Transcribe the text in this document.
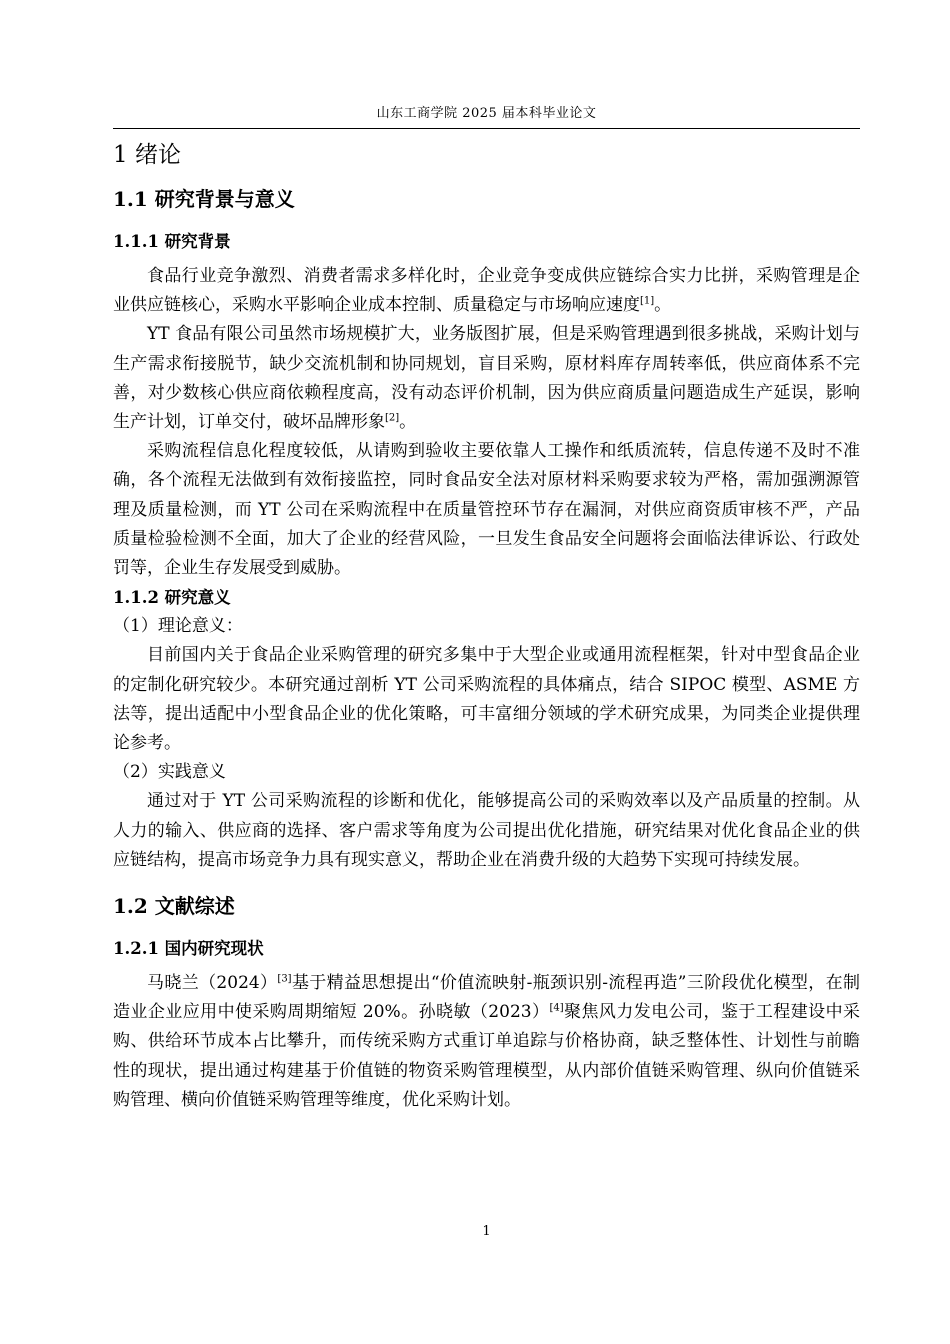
山东工商学院 2025 届本科毕业论文
1 绪论
1.1 研究背景与意义
1.1.1 研究背景

食品行业竞争激烈、消费者需求多样化时，企业竞争变成供应链综合实力比拼，采购管理是企业供应链核心，采购水平影响企业成本控制、质量稳定与市场响应速度[1]。

YT 食品有限公司虽然市场规模扩大，业务版图扩展，但是采购管理遇到很多挑战，采购计划与生产需求衔接脱节，缺少交流机制和协同规划，盲目采购，原材料库存周转率低，供应商体系不完善，对少数核心供应商依赖程度高，没有动态评价机制，因为供应商质量问题造成生产延误，影响生产计划，订单交付，破坏品牌形象[2]。

采购流程信息化程度较低，从请购到验收主要依靠人工操作和纸质流转，信息传递不及时不准确，各个流程无法做到有效衔接监控，同时食品安全法对原材料采购要求较为严格，需加强溯源管理及质量检测，而 YT 公司在采购流程中在质量管控环节存在漏洞，对供应商资质审核不严，产品质量检验检测不全面，加大了企业的经营风险，一旦发生食品安全问题将会面临法律诉讼、行政处罚等，企业生存发展受到威胁。

1.1.2 研究意义

（1）理论意义：

目前国内关于食品企业采购管理的研究多集中于大型企业或通用流程框架，针对中型食品企业的定制化研究较少。本研究通过剖析 YT 公司采购流程的具体痛点，结合 SIPOC 模型、ASME 方法等，提出适配中小型食品企业的优化策略，可丰富细分领域的学术研究成果，为同类企业提供理论参考。

（2）实践意义

通过对于 YT 公司采购流程的诊断和优化，能够提高公司的采购效率以及产品质量的控制。从人力的输入、供应商的选择、客户需求等角度为公司提出优化措施，研究结果对优化食品企业的供应链结构，提高市场竞争力具有现实意义，帮助企业在消费升级的大趋势下实现可持续发展。

1.2 文献综述
1.2.1 国内研究现状

马晓兰（2024）[3]基于精益思想提出“价值流映射-瓶颈识别-流程再造”三阶段优化模型，在制造业企业应用中使采购周期缩短 20%。孙晓敏（2023）[4]聚焦风力发电公司，鉴于工程建设中采购、供给环节成本占比攀升，而传统采购方式重订单追踪与价格协商，缺乏整体性、计划性与前瞻性的现状，提出通过构建基于价值链的物资采购管理模型，从内部价值链采购管理、纵向价值链采购管理、横向价值链采购管理等维度，优化采购计划。

1
